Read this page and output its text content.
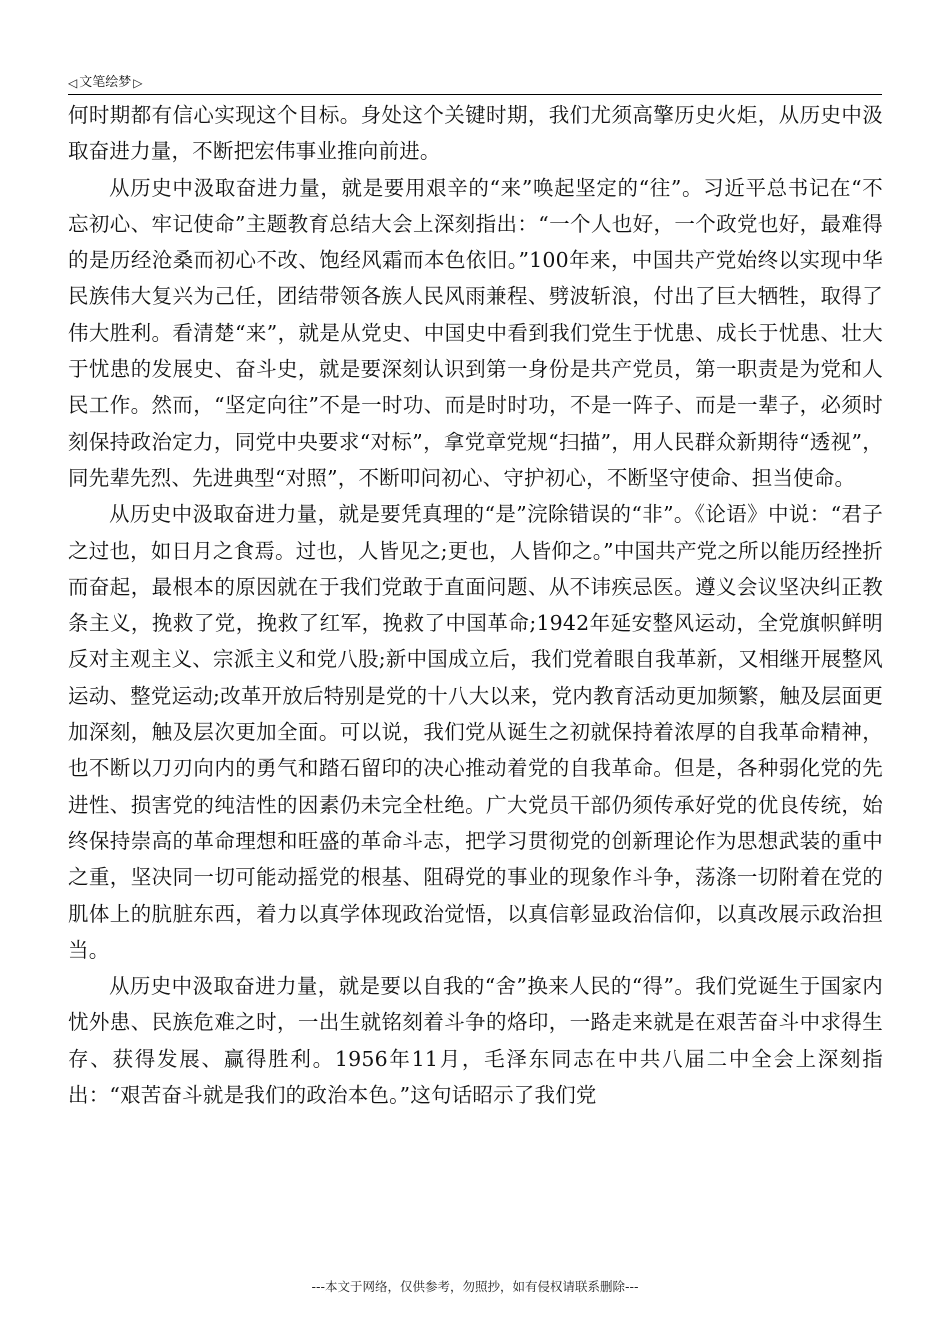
◁ 文笔绘梦 ▷

何时期都有信心实现这个目标。身处这个关键时期，我们尤须高擎历史火炬，从历史中汲取奋进力量，不断把宏伟事业推向前进。

从历史中汲取奋进力量，就是要用艰辛的“来”唤起坚定的“往”。习近平总书记在“不忘初心、牢记使命”主题教育总结大会上深刻指出：“一个人也好，一个政党也好，最难得的是历经沧桑而初心不改、饱经风霜而本色依旧。”100年来，中国共产党始终以实现中华民族伟大复兴为己任，团结带领各族人民风雨兼程、劈波斩浪，付出了巨大牺牲，取得了伟大胜利。看清楚“来”，就是从党史、中国史中看到我们党生于忧患、成长于忧患、壮大于忧患的发展史、奋斗史，就是要深刻认识到第一身份是共产党员，第一职责是为党和人民工作。然而，“坚定向往”不是一时功、而是时时功，不是一阵子、而是一辈子，必须时刻保持政治定力，同党中央要求“对标”，拿党章党规“扫描”，用人民群众新期待“透视”，同先辈先烈、先进典型“对照”，不断叩问初心、守护初心，不断坚守使命、担当使命。

从历史中汲取奋进力量，就是要凭真理的“是”浣除错误的“非”。《论语》中说：“君子之过也，如日月之食焉。过也，人皆见之;更也，人皆仰之。”中国共产党之所以能历经挫折而奋起，最根本的原因就在于我们党敢于直面问题、从不讳疾忌医。遵义会议坚决纠正教条主义，挽救了党，挽救了红军，挽救了中国革命;1942年延安整风运动，全党旗帜鲜明反对主观主义、宗派主义和党八股;新中国成立后，我们党着眼自我革新，又相继开展整风运动、整党运动;改革开放后特别是党的十八大以来，党内教育活动更加频繁，触及层面更加深刻，触及层次更加全面。可以说，我们党从诞生之初就保持着浓厚的自我革命精神，也不断以刀刃向内的勇气和踏石留印的决心推动着党的自我革命。但是，各种弱化党的先进性、损害党的纯洁性的因素仍未完全杜绝。广大党员干部仍须传承好党的优良传统，始终保持崇高的革命理想和旺盛的革命斗志，把学习贯彻党的创新理论作为思想武装的重中之重，坚决同一切可能动摇党的根基、阻碍党的事业的现象作斗争，荡涤一切附着在党的肌体上的肮脏东西，着力以真学体现政治觉悟，以真信彰显政治信仰，以真改展示政治担当。

从历史中汲取奋进力量，就是要以自我的“舍”换来人民的“得”。我们党诞生于国家内忧外患、民族危难之时，一出生就铭刻着斗争的烙印，一路走来就是在艰苦奋斗中求得生存、获得发展、赢得胜利。1956年11月，毛泽东同志在中共八届二中全会上深刻指出：“艰苦奋斗就是我们的政治本色。”这句话昭示了我们党

---本文于网络，仅供参考，勿照抄，如有侵权请联系删除---
